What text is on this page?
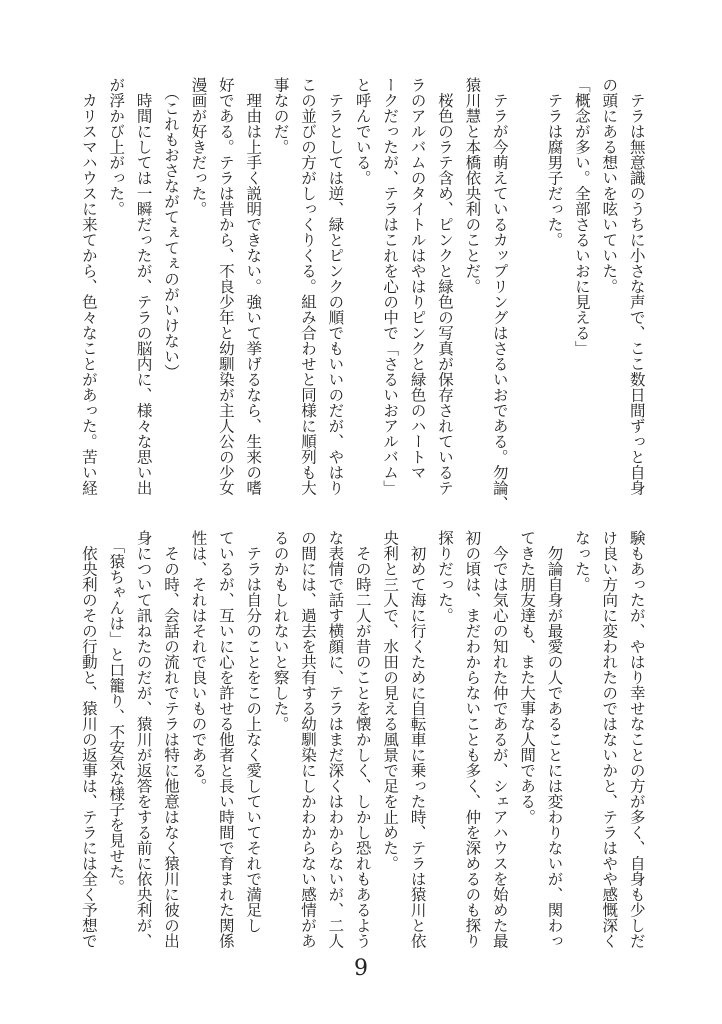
　テラは無意識のうちに小さな声で、ここ数日間ずっと自身
の頭にある想いを呟いていた。
「概念が多い。全部さるいおに見える」
　テラは腐男子だった。
　テラが今萌えているカップリングはさるいおである。勿論、
猿川慧と本橋依央利のことだ。
　桜色のラテ含め、ピンクと緑色の写真が保存されているテ
ラのアルバムのタイトルはやはりピンクと緑色のハートマ
ークだったが、テラはこれを心の中で「さるいおアルバム」
と呼んでいる。
　テラとしては逆、緑とピンクの順でもいいのだが、やはり
この並びの方がしっくりくる。組み合わせと同様に順列も大
事なのだ。
　理由は上手く説明できない。強いて挙げるなら、生来の嗜
好である。テラは昔から、不良少年と幼馴染が主人公の少女
漫画が好きだった。
（これもおさながてぇてぇのがいけない）
　時間にしては一瞬だったが、テラの脳内に、様々な思い出
が浮かび上がった。
　カリスマハウスに来てから、色々なことがあった。苦い経
験もあったが、やはり幸せなことの方が多く、自身も少しだ
け良い方向に変われたのではないかと、テラはやや感慨深く
なった。
　勿論自身が最愛の人であることには変わりないが、関わっ
てきた朋友達も、また大事な人間である。
　今では気心の知れた仲であるが、シェアハウスを始めた最
初の頃は、まだわからないことも多く、仲を深めるのも探り
探りだった。
　初めて海に行くために自転車に乗った時、テラは猿川と依
央利と三人で、水田の見える風景で足を止めた。
　その時二人が昔のことを懐かしく、しかし恐れもあるよう
な表情で話す横顔に、テラはまだ深くはわからないが、二人
の間には、過去を共有する幼馴染にしかわからない感情があ
るのかもしれないと察した。
　テラは自分のことをこの上なく愛していてそれで満足し
ているが、互いに心を許せる他者と長い時間で育まれた関係
性は、それはそれで良いものである。
　その時、会話の流れでテラは特に他意はなく猿川に彼の出
身について訊ねたのだが、猿川が返答をする前に依央利が、
　「猿ちゃんは」と口籠り、不安気な様子を見せた。
　依央利のその行動と、猿川の返事は、テラには全く予想で
9
